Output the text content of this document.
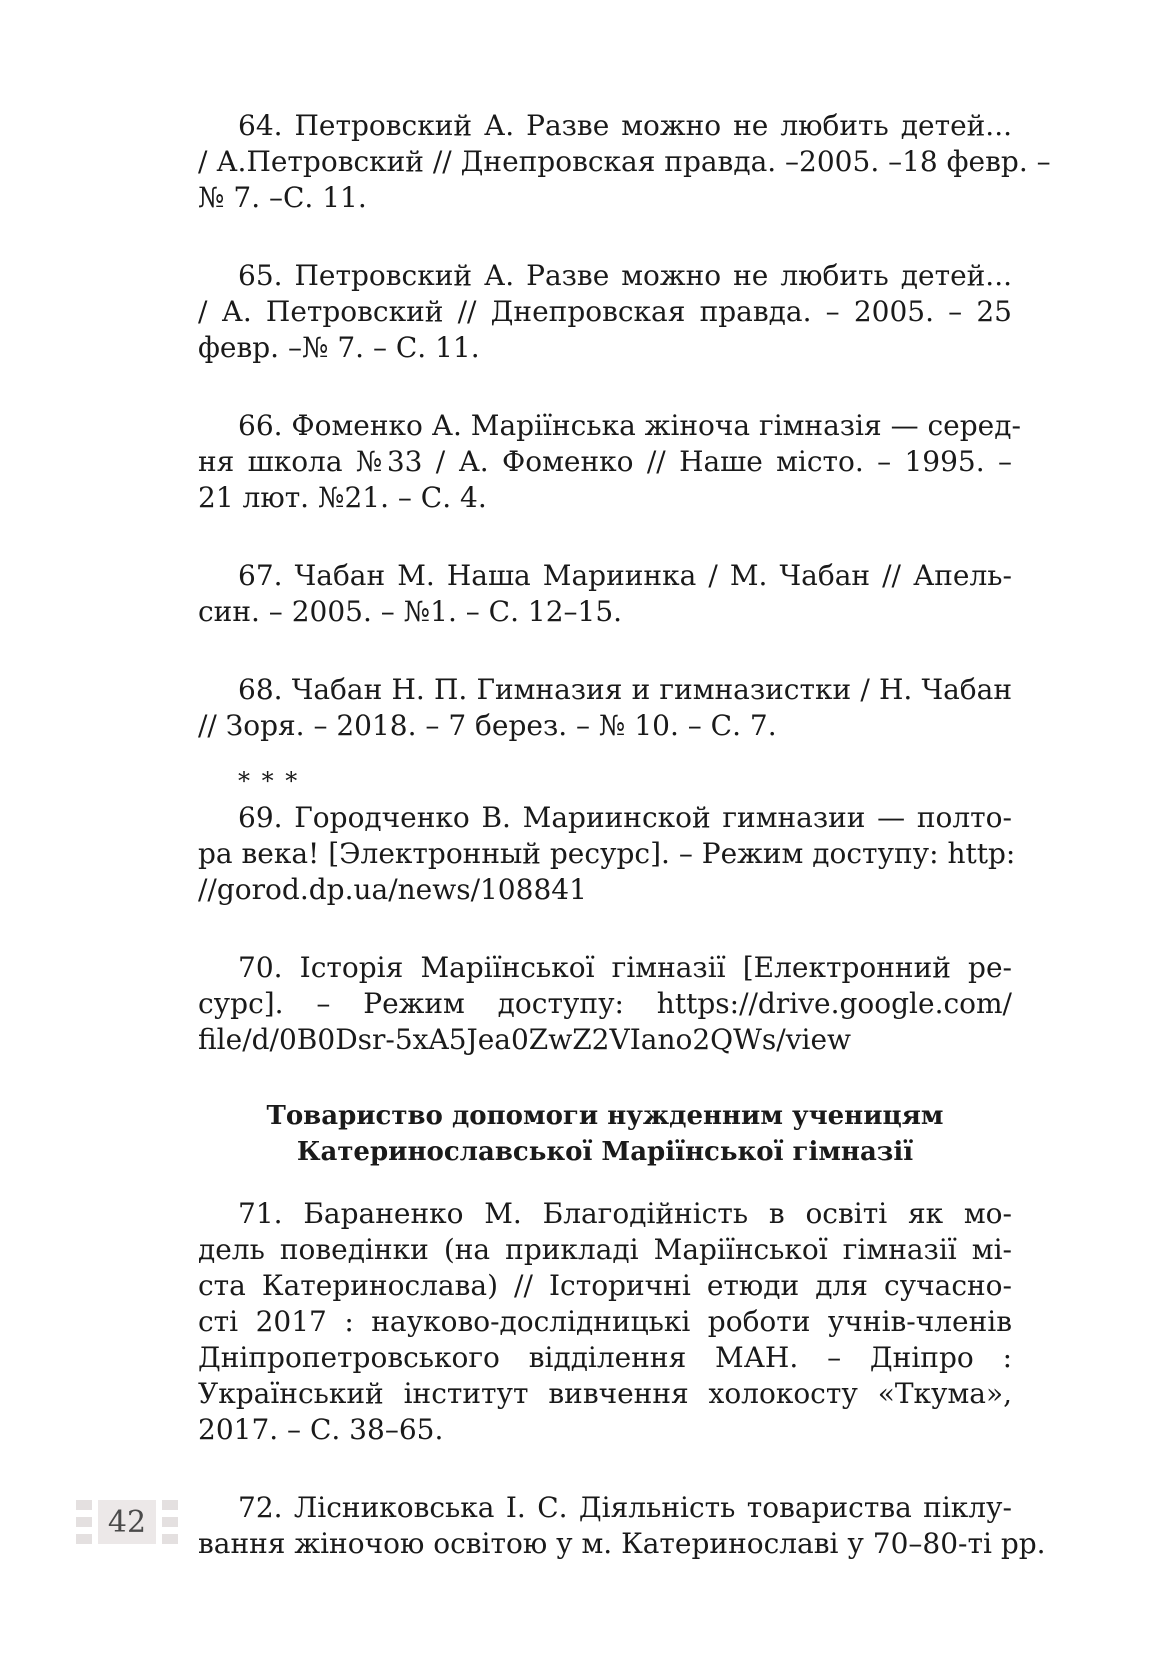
64. Петровский А. Разве можно не любить детей...
/ А.Петровский // Днепровская правда. –2005. –18 февр. –
№ 7. –С. 11.
65. Петровский А. Разве можно не любить детей...
/ А. Петровский // Днепровская правда. – 2005. – 25
февр. –№ 7. – С. 11.
66. Фоменко А. Маріїнська жіноча гімназія — серед-
ня школа №33 / А. Фоменко // Наше місто. – 1995. –
21 лют. №21. – С. 4.
67. Чабан М. Наша Мариинка / М. Чабан // Апель-
син. – 2005. – №1. – С. 12–15.
68. Чабан Н. П. Гимназия и гимназистки / Н. Чабан
// Зоря. – 2018. – 7 берез. – № 10. – С. 7.
* * *
69. Городченко В. Мариинской гимназии — полто-
ра века! [Электронный ресурс]. – Режим доступу: http:
//gorod.dp.ua/news/108841
70. Історія Маріїнської гімназії [Електронний ре-
сурс]. – Режим доступу: https://drive.google.com/
file/d/0B0Dsr-5xA5Jea0ZwZ2VIano2QWs/view
Товариство допомоги нужденним ученицям
Катеринославської Маріїнської гімназії
71. Бараненко М. Благодійність в освіті як мо-
дель поведінки (на прикладі Маріїнської гімназії мі-
ста Катеринослава) // Історичні етюди для сучасно-
сті 2017 : науково-дослідницькі роботи учнів-членів
Дніпропетровського відділення МАН. – Дніпро :
Український інститут вивчення холокосту «Ткума»,
2017. – С. 38–65.
72. Лісниковська І. С. Діяльність товариства піклу-
вання жіночою освітою у м. Катеринославі у 70–80-ті рр.
42
